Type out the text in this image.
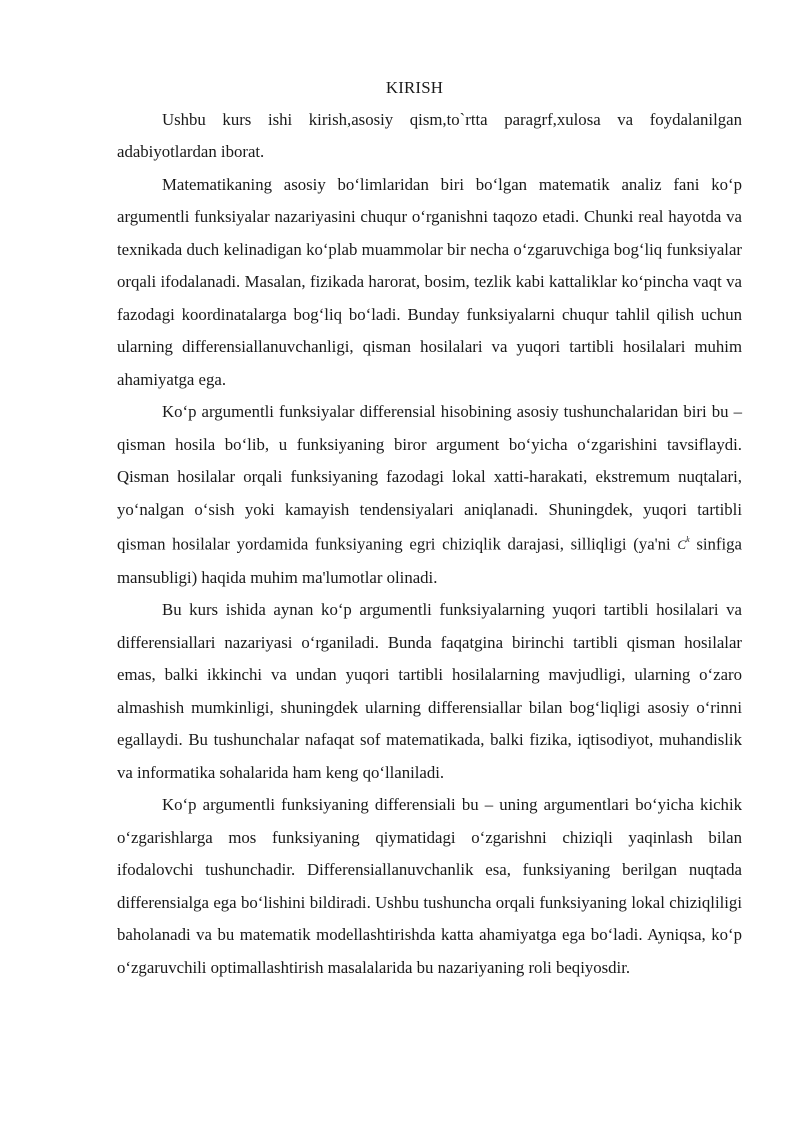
KIRISH

Ushbu kurs ishi kirish,asosiy qism,to`rtta paragrf,xulosa va foydalanilgan adabiyotlardan iborat.

Matematikaning asosiy bo‘limlaridan biri bo‘lgan matematik analiz fani ko‘p argumentli funksiyalar nazariyasini chuqur o‘rganishni taqozo etadi. Chunki real hayotda va texnikada duch kelinadigan ko‘plab muammolar bir necha o‘zgaruvchiga bog‘liq funksiyalar orqali ifodalanadi. Masalan, fizikada harorat, bosim, tezlik kabi kattaliklar ko‘pincha vaqt va fazodagi koordinatalarga bog‘liq bo‘ladi. Bunday funksiyalarni chuqur tahlil qilish uchun ularning differensiallanuvchanligi, qisman hosilalari va yuqori tartibli hosilalari muhim ahamiyatga ega.

Ko‘p argumentli funksiyalar differensial hisobining asosiy tushunchalaridan biri bu – qisman hosila bo‘lib, u funksiyaning biror argument bo‘yicha o‘zgarishini tavsiflaydi. Qisman hosilalar orqali funksiyaning fazodagi lokal xatti-harakati, ekstremum nuqtalari, yo‘nalgan o‘sish yoki kamayish tendensiyalari aniqlanadi. Shuningdek, yuqori tartibli qisman hosilalar yordamida funksiyaning egri chiziqlik darajasi, silliqligi (ya'ni $C^k$ sinfiga mansubligi) haqida muhim ma'lumotlar olinadi.

Bu kurs ishida aynan ko‘p argumentli funksiyalarning yuqori tartibli hosilalari va differensiallari nazariyasi o‘rganiladi. Bunda faqatgina birinchi tartibli qisman hosilalar emas, balki ikkinchi va undan yuqori tartibli hosilalarning mavjudligi, ularning o‘zaro almashish mumkinligi, shuningdek ularning differensiallar bilan bog‘liqligi asosiy o‘rinni egallaydi. Bu tushunchalar nafaqat sof matematikada, balki fizika, iqtisodiyot, muhandislik va informatika sohalarida ham keng qo‘llaniladi.

Ko‘p argumentli funksiyaning differensiali bu – uning argumentlari bo‘yicha kichik o‘zgarishlarga mos funksiyaning qiymatidagi o‘zgarishni chiziqli yaqinlash bilan ifodalovchi tushunchadir. Differensiallanuvchanlik esa, funksiyaning berilgan nuqtada differensialga ega bo‘lishini bildiradi. Ushbu tushuncha orqali funksiyaning lokal chiziqliligi baholanadi va bu matematik modellashtirishda katta ahamiyatga ega bo‘ladi. Ayniqsa, ko‘p o‘zgaruvchili optimallashtirish masalalarida bu nazariyaning roli beqiyosdir.
